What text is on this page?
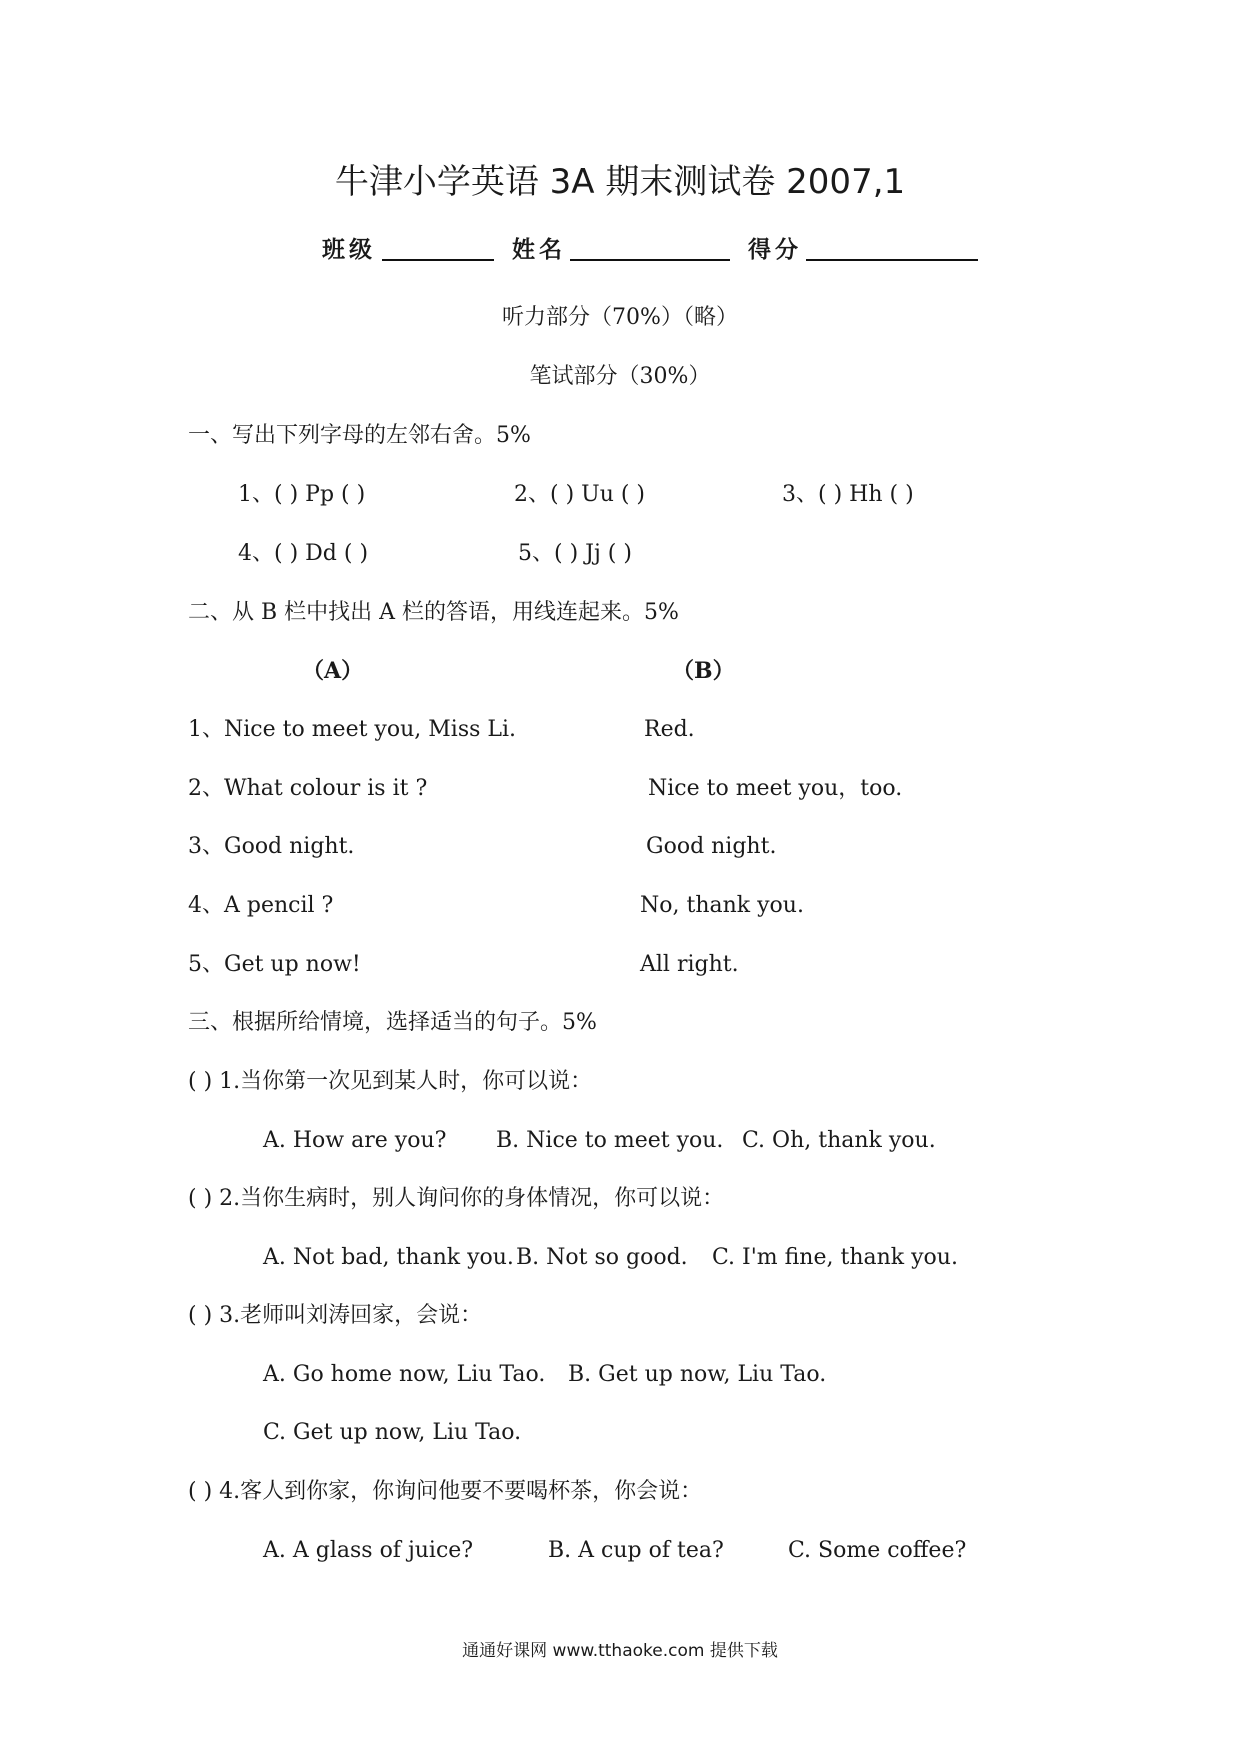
牛津小学英语 3A 期末测试卷 2007,1
班级	姓名	得分
听力部分（70%）（略）
笔试部分（30%）
一、写出下列字母的左邻右舍。5%
1、( ) Pp ( )	2、( ) Uu ( )	3、( ) Hh ( )
4、( ) Dd ( )	5、( ) Jj ( )
二、从 B 栏中找出 A 栏的答语，用线连起来。5%
（A）	（B）
1、Nice to meet you, Miss Li.	Red.
2、What colour is it ?	Nice to meet you，too.
3、Good night.	Good night.
4、A pencil ?	No, thank you.
5、Get up now!	All right.
三、根据所给情境，选择适当的句子。5%
( ) 1.当你第一次见到某人时，你可以说：
A. How are you? B. Nice to meet you. C. Oh, thank you.
( ) 2.当你生病时，别人询问你的身体情况，你可以说：
A. Not bad, thank you. B. Not so good. C. I'm fine, thank you.
( ) 3.老师叫刘涛回家，会说：
A. Go home now, Liu Tao. B. Get up now, Liu Tao.
C. Get up now, Liu Tao.
( ) 4.客人到你家，你询问他要不要喝杯茶，你会说：
A. A glass of juice?	B. A cup of tea?	C. Some coffee?
通通好课网 www.tthaoke.com 提供下载
